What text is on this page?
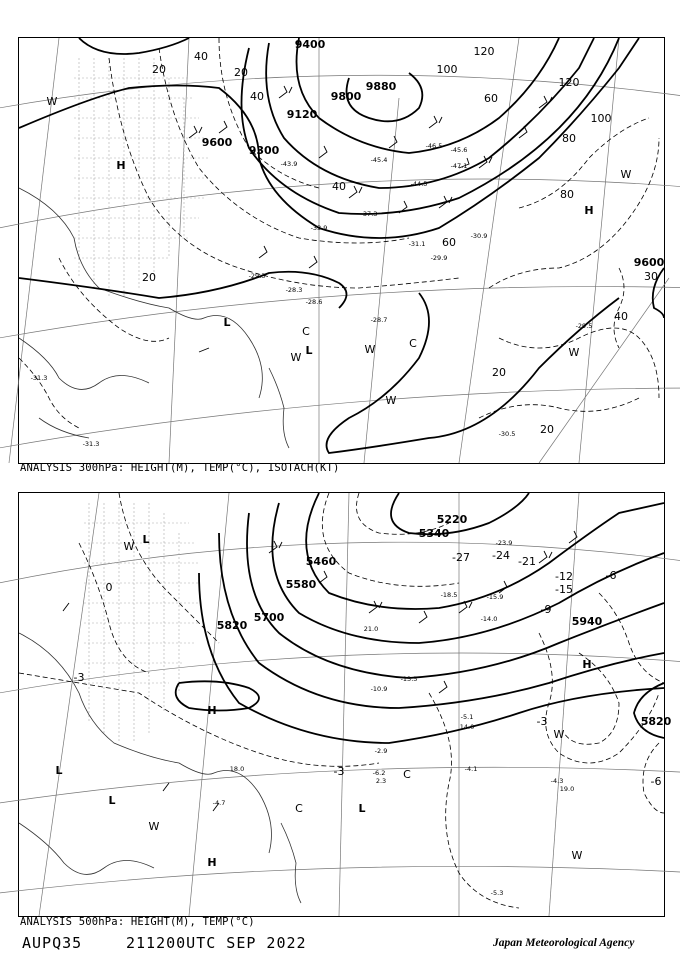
9120
9300
9600
9880
9800
9400
9600
20
40
60
80
100
120
40
60
80
100
120
40
20
20
20
20
30
40
-44.5
-45.4
-45.6
-47.1
-46.5
-43.9
-37.3
-33.9
-31.1
-30.9
-29.9
-28.3
-28.6
-28.7
-29.3
-31.3
-29.5
-30.5
-31.3
H
H
L
L
C
C
W
W
W
W
W
W
ANALYSIS 300hPa: HEIGHT(M), TEMP(°C), ISOTACH(KT)
5340
5460
5580
5700
5820	5940
5820
5220
-27	-21
-24
-15
-12
-9
-6
-3
0
-3
-6
-3
-23.9
-18.5	-15.9
-14.0
-13.5
-10.9
-5.1
-4.1
-4.3
-4.7
-5.3
-2.9
2.3
-6.2
18.0
19.0
14.0
21.0
H
H
H
L
L
L
L
C
C
W
W
W
W
ANALYSIS 500hPa: HEIGHT(M), TEMP(°C)
AUPQ35	211200UTC SEP 2022	Japan Meteorological Agency
